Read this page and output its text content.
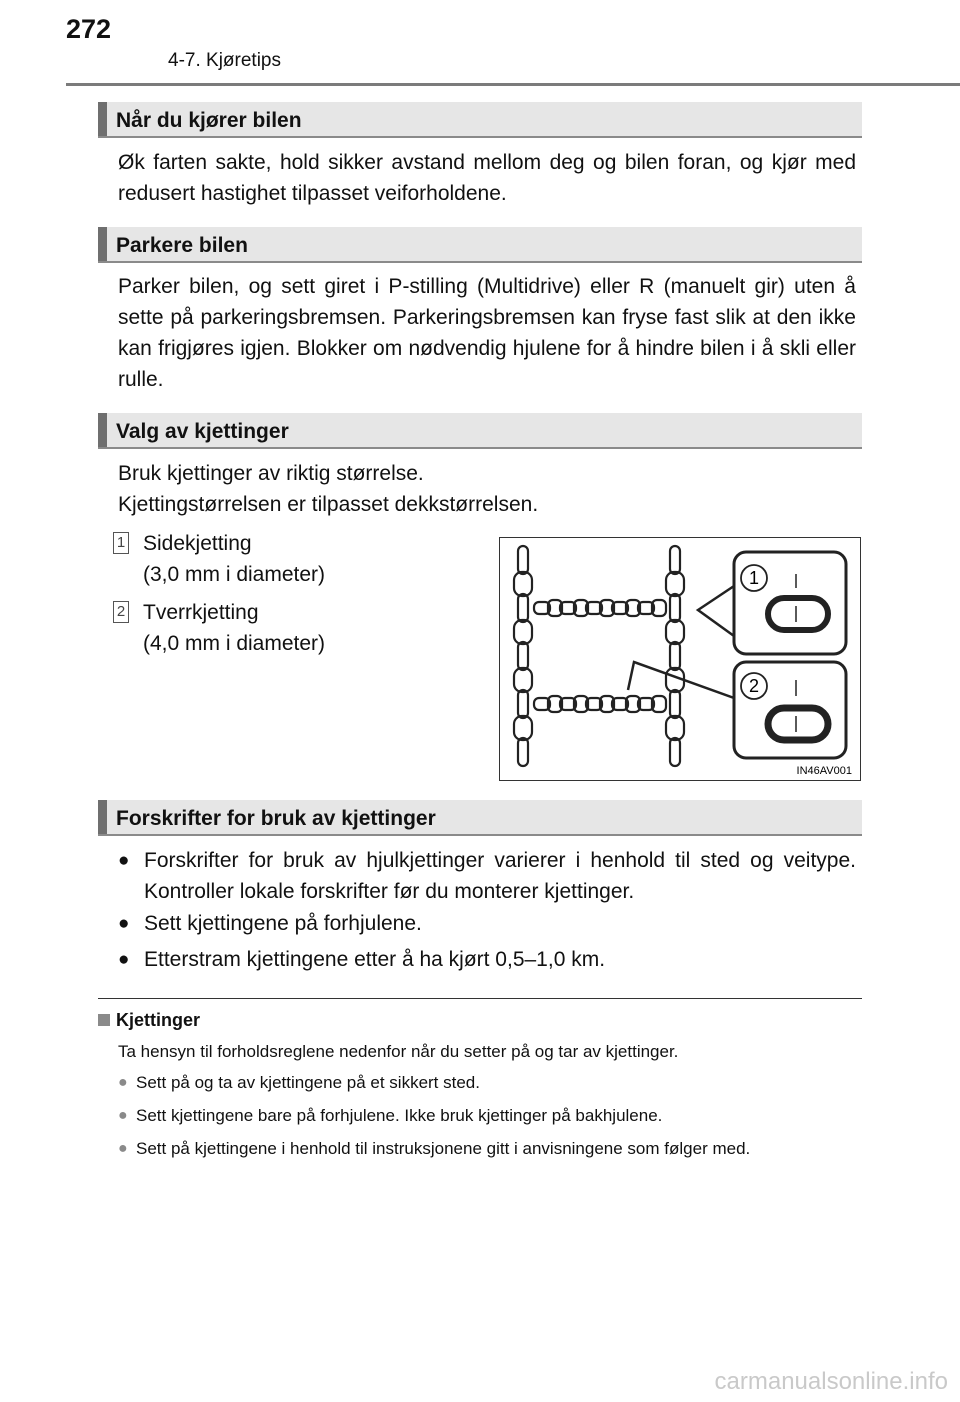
272
4-7. Kjøretips
Når du kjører bilen
Øk farten sakte, hold sikker avstand mellom deg og bilen foran, og kjør med redusert hastighet tilpasset veiforholdene.
Parkere bilen
Parker bilen, og sett giret i P-stilling (Multidrive) eller R (manuelt gir) uten å sette på parkeringsbremsen. Parkeringsbremsen kan fryse fast slik at den ikke kan frigjøres igjen. Blokker om nødvendig hjulene for å hindre bilen i å skli eller rulle.
Valg av kjettinger
Bruk kjettinger av riktig størrelse.
Kjettingstørrelsen er tilpasset dekkstørrelsen.
1 Sidekjetting
(3,0 mm i diameter)
2 Tverrkjetting
(4,0 mm i diameter)
1
2
IN46AV001
Forskrifter for bruk av kjettinger
● Forskrifter for bruk av hjulkjettinger varierer i henhold til sted og veitype. Kontroller lokale forskrifter før du monterer kjettinger.
● Sett kjettingene på forhjulene.
● Etterstram kjettingene etter å ha kjørt 0,5–1,0 km.
Kjettinger
Ta hensyn til forholdsreglene nedenfor når du setter på og tar av kjettinger.
● Sett på og ta av kjettingene på et sikkert sted.
● Sett kjettingene bare på forhjulene. Ikke bruk kjettinger på bakhjulene.
● Sett på kjettingene i henhold til instruksjonene gitt i anvisningene som følger med.
carmanualsonline.info
